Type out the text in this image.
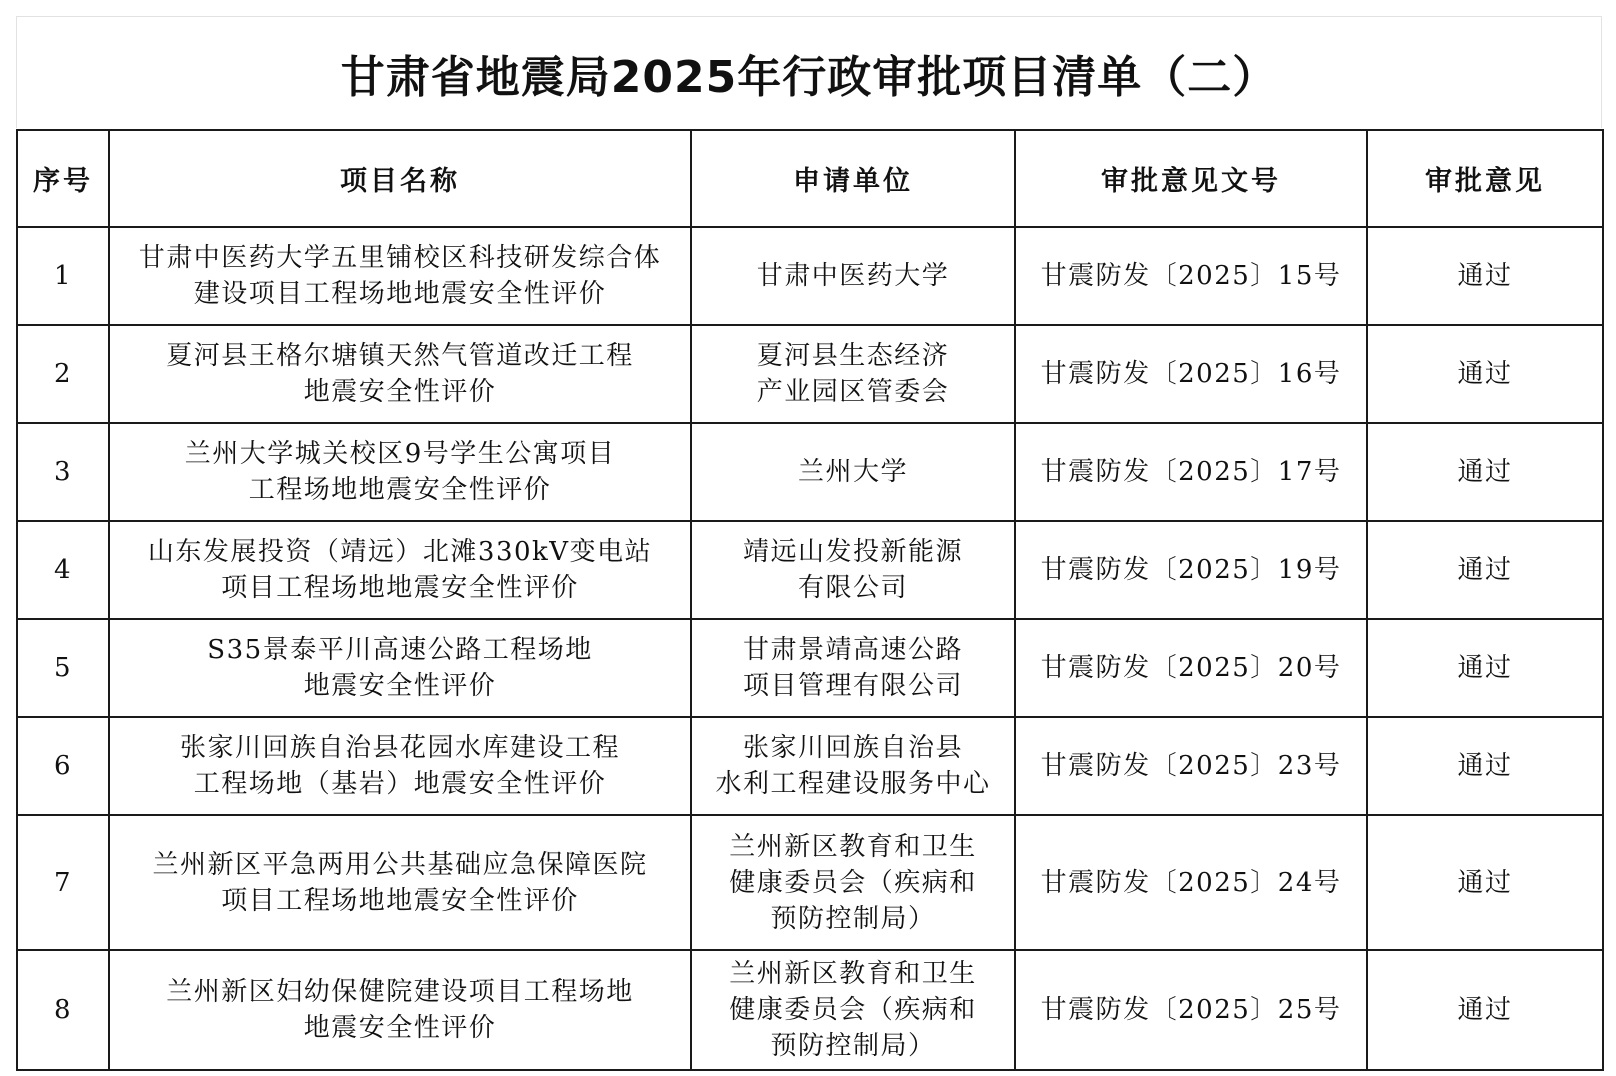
甘肃省地震局2025年行政审批项目清单（二）
序号	项目名称	申请单位	审批意见文号	审批意见
1	甘肃中医药大学五里铺校区科技研发综合体
建设项目工程场地地震安全性评价	甘肃中医药大学	甘震防发〔2025〕15号	通过
2	夏河县王格尔塘镇天然气管道改迁工程
地震安全性评价	夏河县生态经济
产业园区管委会	甘震防发〔2025〕16号	通过
3	兰州大学城关校区9号学生公寓项目
工程场地地震安全性评价	兰州大学	甘震防发〔2025〕17号	通过
4	山东发展投资（靖远）北滩330kV变电站
项目工程场地地震安全性评价	靖远山发投新能源
有限公司	甘震防发〔2025〕19号	通过
5	S35景泰平川高速公路工程场地
地震安全性评价	甘肃景靖高速公路
项目管理有限公司	甘震防发〔2025〕20号	通过
6	张家川回族自治县花园水库建设工程
工程场地（基岩）地震安全性评价	张家川回族自治县
水利工程建设服务中心	甘震防发〔2025〕23号	通过
7	兰州新区平急两用公共基础应急保障医院
项目工程场地地震安全性评价	兰州新区教育和卫生
健康委员会（疾病和
预防控制局）	甘震防发〔2025〕24号	通过
8	兰州新区妇幼保健院建设项目工程场地
地震安全性评价	兰州新区教育和卫生
健康委员会（疾病和
预防控制局）	甘震防发〔2025〕25号	通过
